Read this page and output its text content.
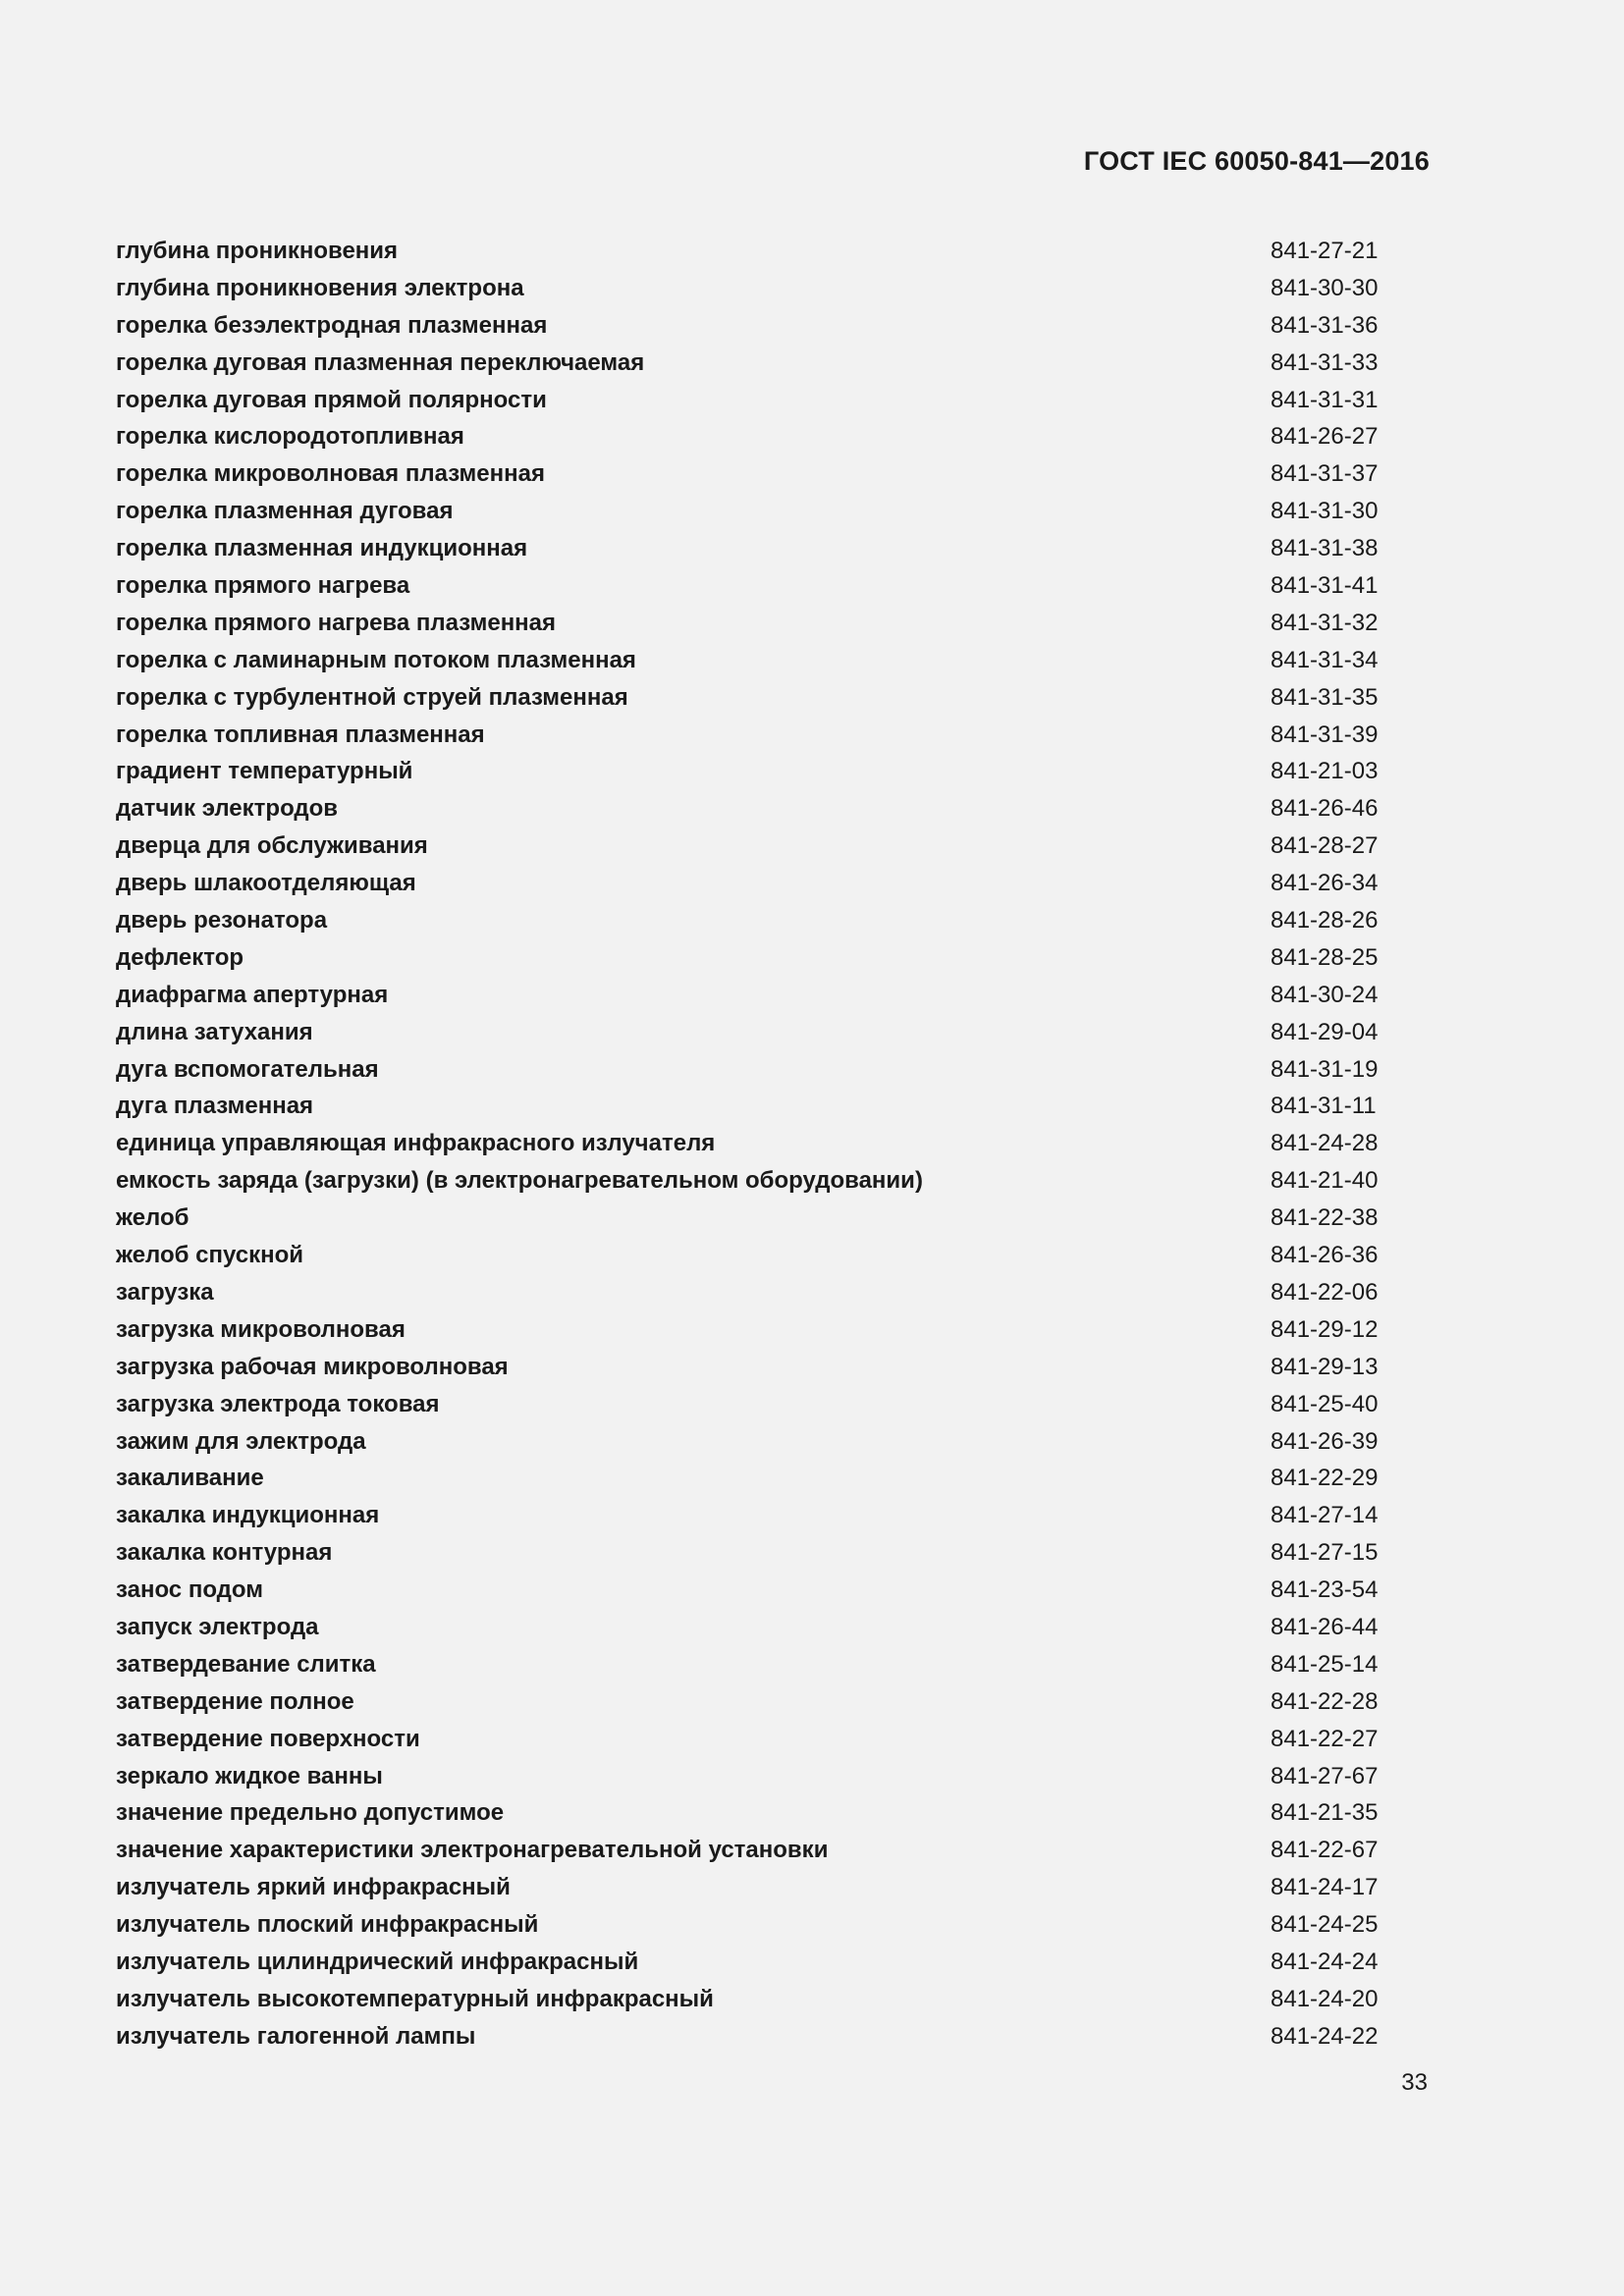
ГОСТ IEC 60050-841—2016
глубина проникновения	841-27-21
глубина проникновения электрона	841-30-30
горелка безэлектродная плазменная	841-31-36
горелка дуговая плазменная переключаемая	841-31-33
горелка дуговая прямой полярности	841-31-31
горелка кислородотопливная	841-26-27
горелка микроволновая плазменная	841-31-37
горелка плазменная дуговая	841-31-30
горелка плазменная индукционная	841-31-38
горелка прямого нагрева	841-31-41
горелка прямого нагрева плазменная	841-31-32
горелка с ламинарным потоком плазменная	841-31-34
горелка с турбулентной струей плазменная	841-31-35
горелка топливная плазменная	841-31-39
градиент температурный	841-21-03
датчик электродов	841-26-46
дверца для обслуживания	841-28-27
дверь шлакоотделяющая	841-26-34
дверь резонатора	841-28-26
дефлектор	841-28-25
диафрагма апертурная	841-30-24
длина затухания	841-29-04
дуга вспомогательная	841-31-19
дуга плазменная	841-31-11
единица управляющая инфракрасного излучателя	841-24-28
емкость заряда (загрузки) (в электронагревательном оборудовании)	841-21-40
желоб	841-22-38
желоб спускной	841-26-36
загрузка	841-22-06
загрузка микроволновая	841-29-12
загрузка рабочая микроволновая	841-29-13
загрузка электрода токовая	841-25-40
зажим для электрода	841-26-39
закаливание	841-22-29
закалка индукционная	841-27-14
закалка контурная	841-27-15
занос подом	841-23-54
запуск электрода	841-26-44
затвердевание слитка	841-25-14
затвердение полное	841-22-28
затвердение поверхности	841-22-27
зеркало жидкое ванны	841-27-67
значение предельно допустимое	841-21-35
значение характеристики электронагревательной установки	841-22-67
излучатель яркий инфракрасный	841-24-17
излучатель плоский инфракрасный	841-24-25
излучатель цилиндрический инфракрасный	841-24-24
излучатель высокотемпературный инфракрасный	841-24-20
излучатель галогенной лампы	841-24-22
33
